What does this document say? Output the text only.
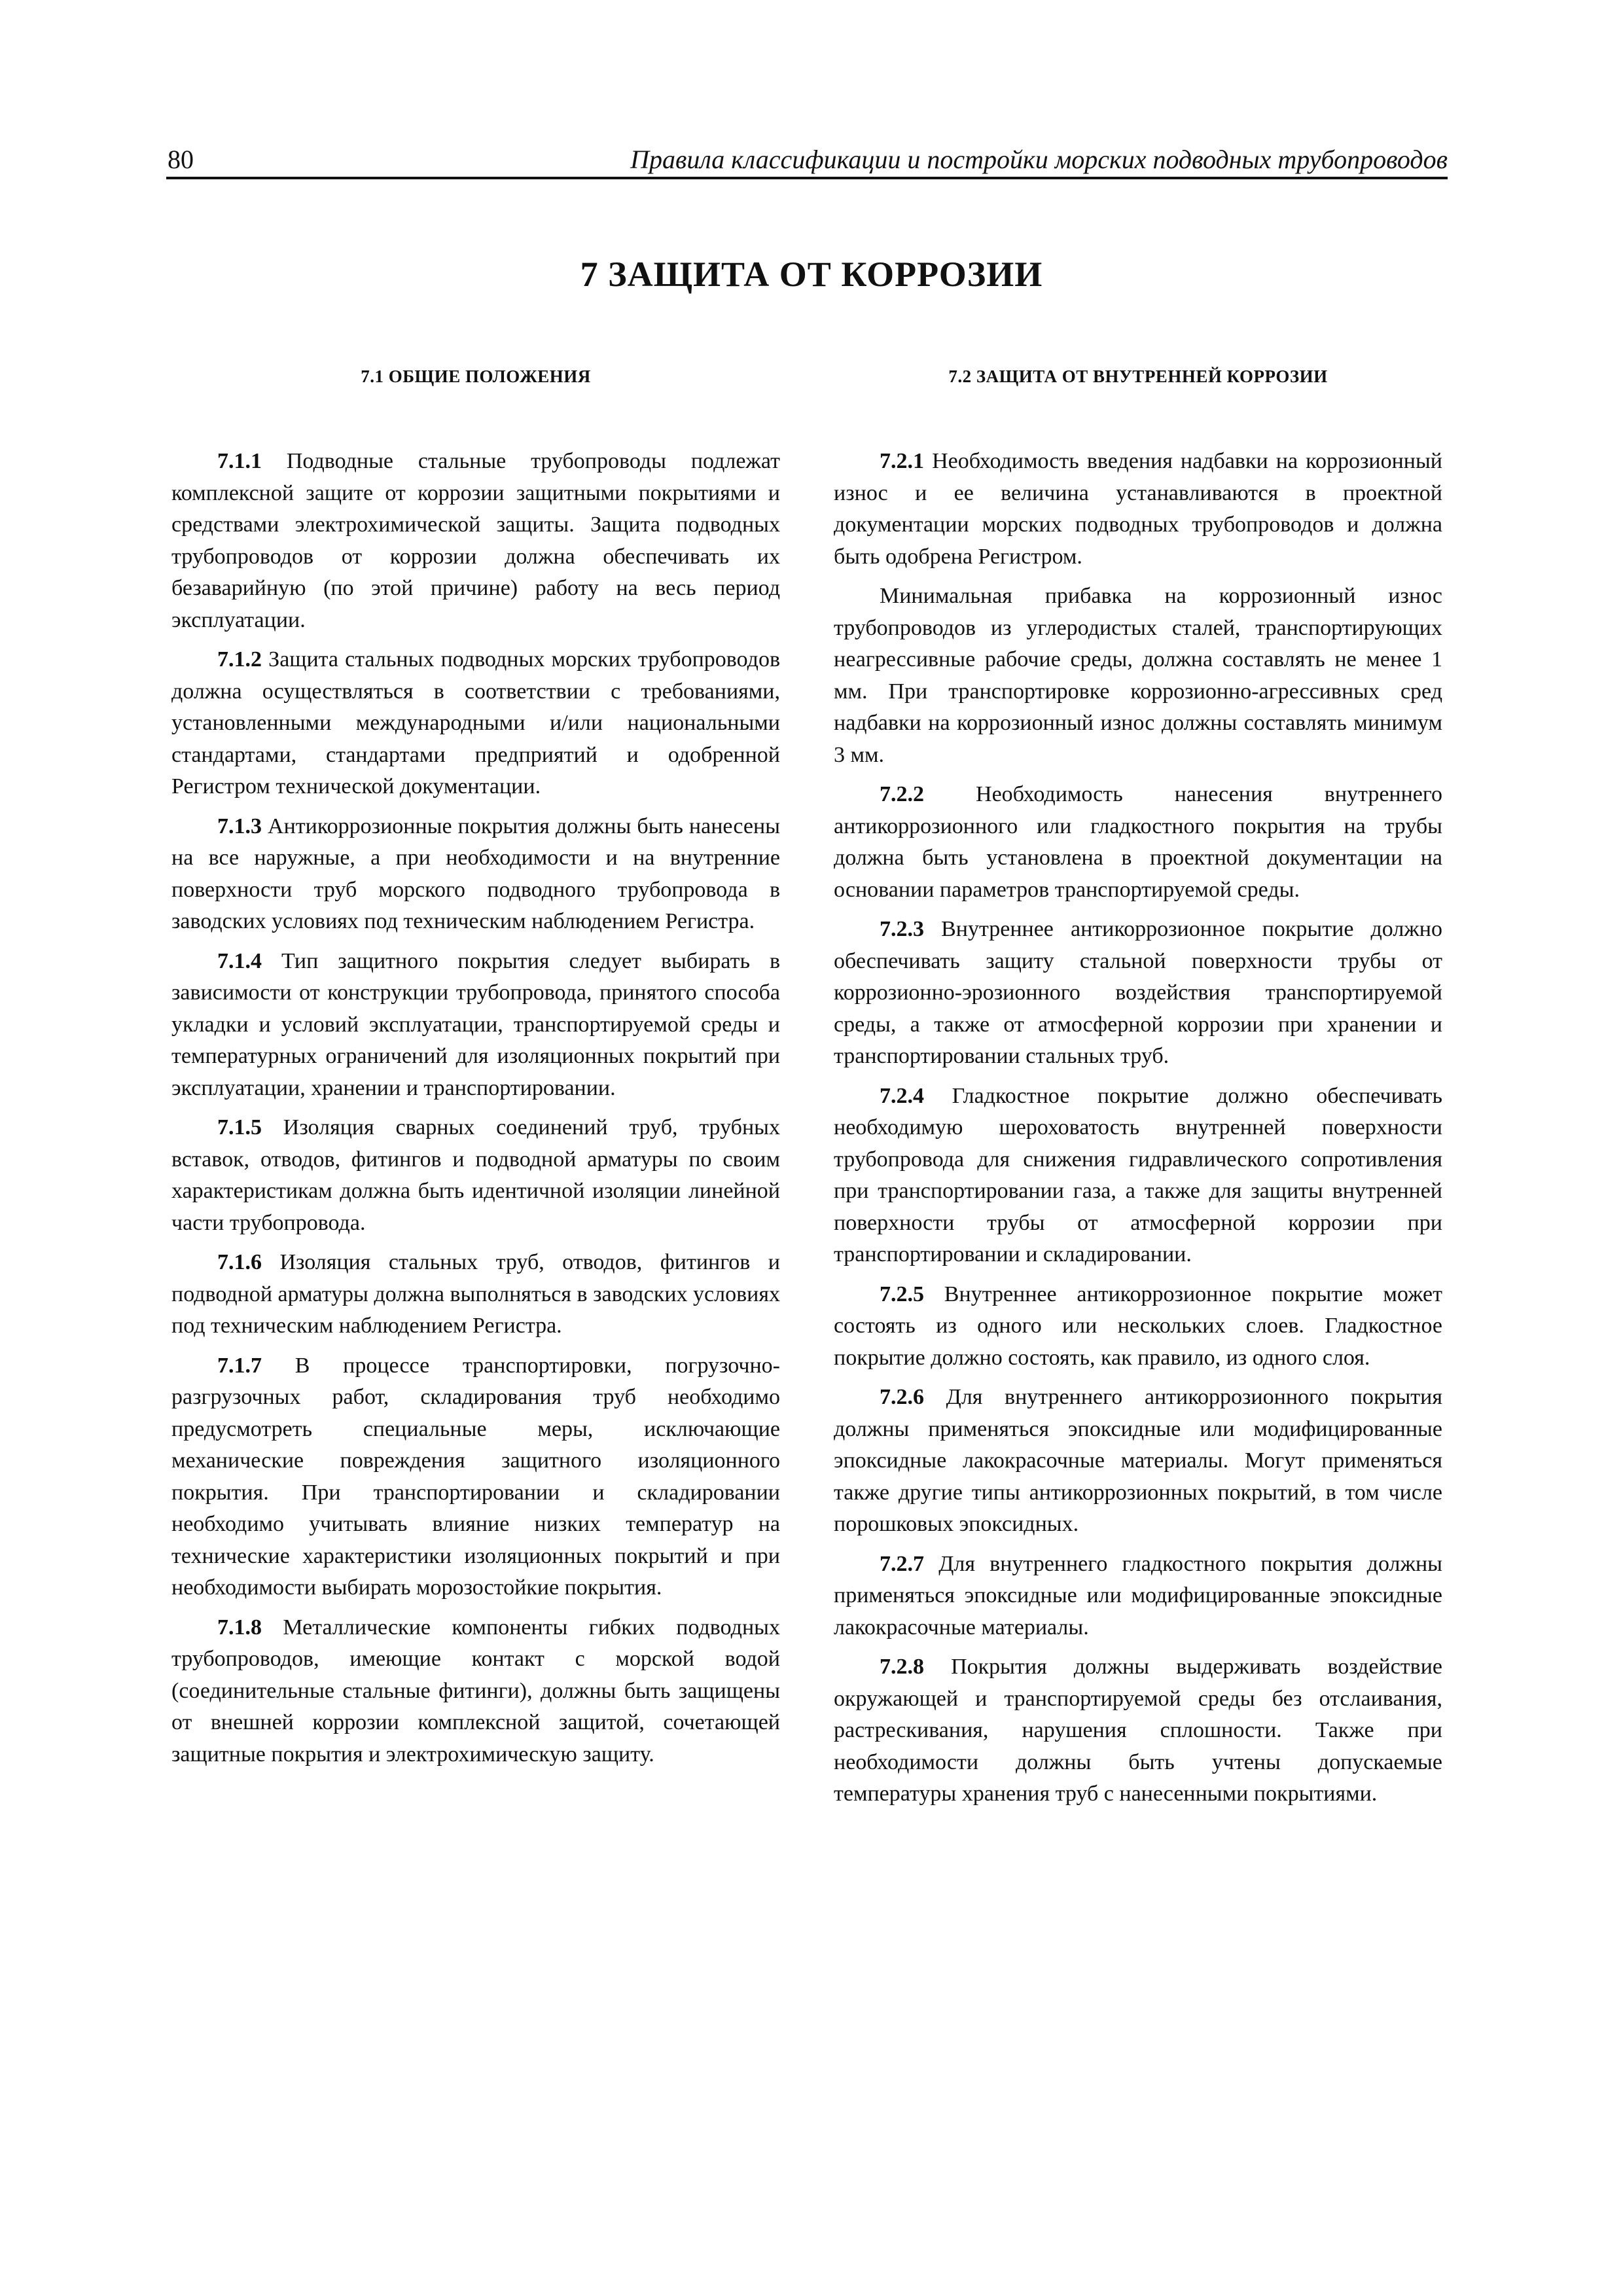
80	Правила классификации и постройки морских подводных трубопроводов
7 ЗАЩИТА ОТ КОРРОЗИИ
7.1 ОБЩИЕ ПОЛОЖЕНИЯ

7.1.1 Подводные стальные трубопроводы подлежат комплексной защите от коррозии защитными покрытиями и средствами электрохимической защиты. Защита подводных трубопроводов от коррозии должна обеспечивать их безаварийную (по этой причине) работу на весь период эксплуатации.

7.1.2 Защита стальных подводных морских трубопроводов должна осуществляться в соответствии с требованиями, установленными международными и/или национальными стандартами, стандартами предприятий и одобренной Регистром технической документации.

7.1.3 Антикоррозионные покрытия должны быть нанесены на все наружные, а при необходимости и на внутренние поверхности труб морского подводного трубопровода в заводских условиях под техническим наблюдением Регистра.

7.1.4 Тип защитного покрытия следует выбирать в зависимости от конструкции трубопровода, принятого способа укладки и условий эксплуатации, транспортируемой среды и температурных ограничений для изоляционных покрытий при эксплуатации, хранении и транспортировании.

7.1.5 Изоляция сварных соединений труб, трубных вставок, отводов, фитингов и подводной арматуры по своим характеристикам должна быть идентичной изоляции линейной части трубопровода.

7.1.6 Изоляция стальных труб, отводов, фитингов и подводной арматуры должна выполняться в заводских условиях под техническим наблюдением Регистра.

7.1.7 В процессе транспортировки, погрузочно-разгрузочных работ, складирования труб необходимо предусмотреть специальные меры, исключающие механические повреждения защитного изоляционного покрытия. При транспортировании и складировании необходимо учитывать влияние низких температур на технические характеристики изоляционных покрытий и при необходимости выбирать морозостойкие покрытия.

7.1.8 Металлические компоненты гибких подводных трубопроводов, имеющие контакт с морской водой (соединительные стальные фитинги), должны быть защищены от внешней коррозии комплексной защитой, сочетающей защитные покрытия и электрохимическую защиту.

7.2 ЗАЩИТА ОТ ВНУТРЕННЕЙ КОРРОЗИИ

7.2.1 Необходимость введения надбавки на коррозионный износ и ее величина устанавливаются в проектной документации морских подводных трубопроводов и должна быть одобрена Регистром.

Минимальная прибавка на коррозионный износ трубопроводов из углеродистых сталей, транспортирующих неагрессивные рабочие среды, должна составлять не менее 1 мм. При транспортировке коррозионно-агрессивных сред надбавки на коррозионный износ должны составлять минимум 3 мм.

7.2.2 Необходимость нанесения внутреннего антикоррозионного или гладкостного покрытия на трубы должна быть установлена в проектной документации на основании параметров транспортируемой среды.

7.2.3 Внутреннее антикоррозионное покрытие должно обеспечивать защиту стальной поверхности трубы от коррозионно-эрозионного воздействия транспортируемой среды, а также от атмосферной коррозии при хранении и транспортировании стальных труб.

7.2.4 Гладкостное покрытие должно обеспечивать необходимую шероховатость внутренней поверхности трубопровода для снижения гидравлического сопротивления при транспортировании газа, а также для защиты внутренней поверхности трубы от атмосферной коррозии при транспортировании и складировании.

7.2.5 Внутреннее антикоррозионное покрытие может состоять из одного или нескольких слоев. Гладкостное покрытие должно состоять, как правило, из одного слоя.

7.2.6 Для внутреннего антикоррозионного покрытия должны применяться эпоксидные или модифицированные эпоксидные лакокрасочные материалы. Могут применяться также другие типы антикоррозионных покрытий, в том числе порошковых эпоксидных.

7.2.7 Для внутреннего гладкостного покрытия должны применяться эпоксидные или модифицированные эпоксидные лакокрасочные материалы.

7.2.8 Покрытия должны выдерживать воздействие окружающей и транспортируемой среды без отслаивания, растрескивания, нарушения сплошности. Также при необходимости должны быть учтены допускаемые температуры хранения труб с нанесенными покрытиями.
